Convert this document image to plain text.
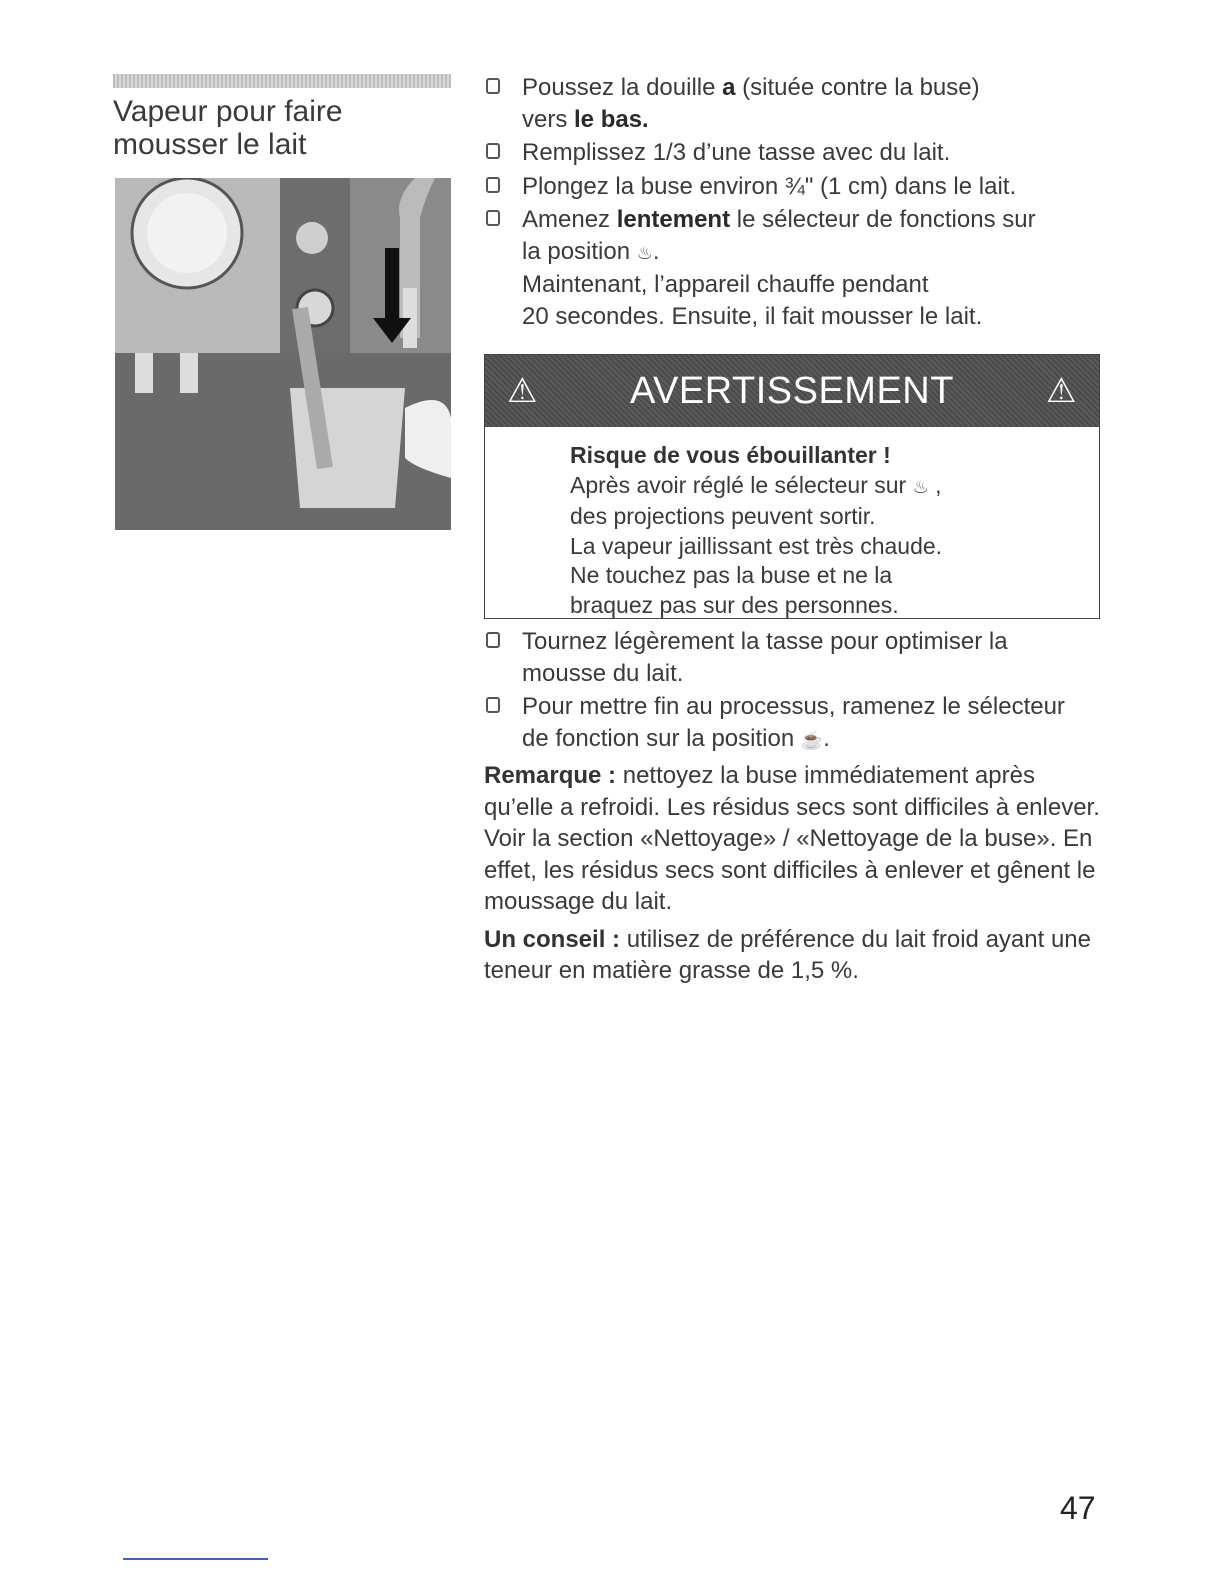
Vapeur pour faire
mousser le lait
Poussez la douille a (située contre la buse)
vers le bas.
Remplissez 1/3 d’une tasse avec du lait.
Plongez la buse environ ¾" (1 cm) dans le lait.
Amenez lentement le sélecteur de fonctions sur
la position ♨.
Maintenant, l’appareil chauffe pendant
20 secondes. Ensuite, il fait mousser le lait.
⚠ AVERTISSEMENT	⚠
Risque de vous ébouillanter !
Après avoir réglé le sélecteur sur ♨ ,
des projections peuvent sortir.
La vapeur jaillissant est très chaude.
Ne touchez pas la buse et ne la
braquez pas sur des personnes.
Tournez légèrement la tasse pour optimiser la
mousse du lait.
Pour mettre fin au processus, ramenez le sélecteur
de fonction sur la position ☕.

Remarque : nettoyez la buse immédiatement après qu’elle a refroidi. Les résidus secs sont difficiles à enlever. Voir la section «Nettoyage» / «Nettoyage de la buse». En effet, les résidus secs sont difficiles à enlever et gênent le moussage du lait.

Un conseil : utilisez de préférence du lait froid ayant une teneur en matière grasse de 1,5 %.

47
